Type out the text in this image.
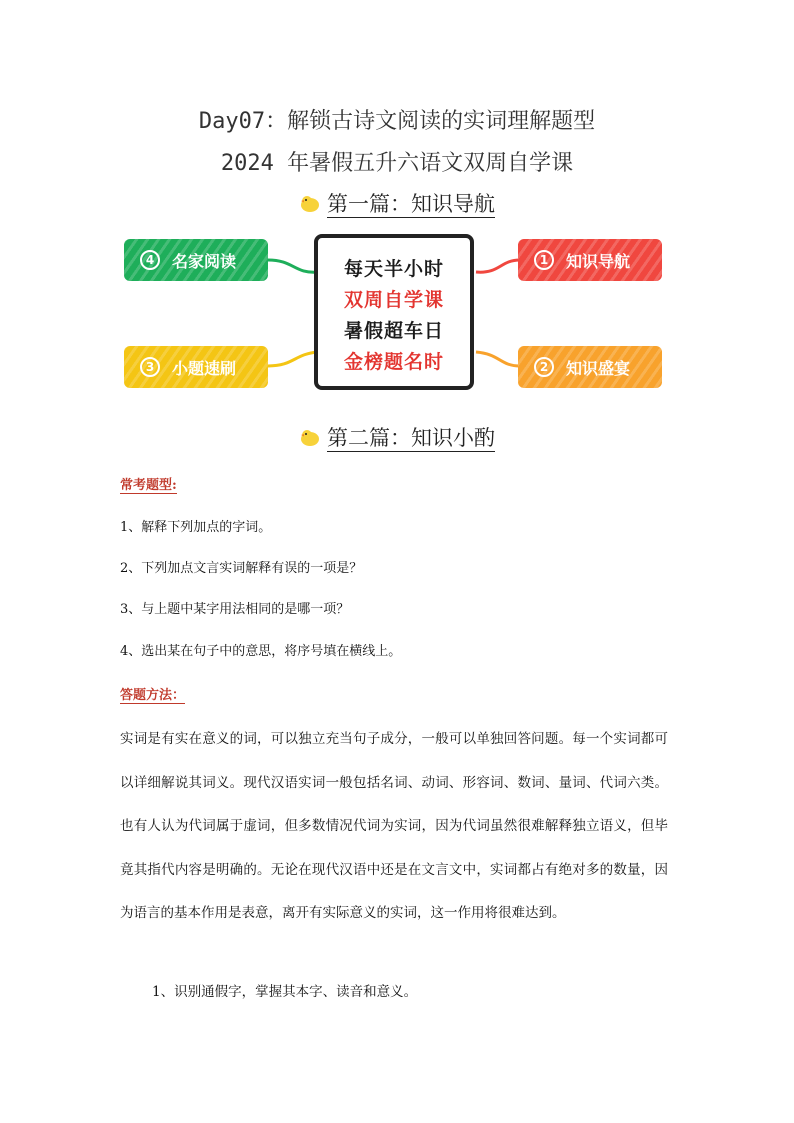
Day07：解锁古诗文阅读的实词理解题型
2024 年暑假五升六语文双周自学课
第一篇：知识导航
4	名家阅读
3	小题速刷
每天半小时
双周自学课
暑假超车日
金榜题名时
1	知识导航
2	知识盛宴
第二篇：知识小酌
常考题型:
1、解释下列加点的字词。
2、下列加点文言实词解释有误的一项是？
3、与上题中某字用法相同的是哪一项？
4、选出某在句子中的意思，将序号填在横线上。
答题方法：

实词是有实在意义的词，可以独立充当句子成分，一般可以单独回答问题。每一个实词都可以详细解说其词义。现代汉语实词一般包括名词、动词、形容词、数词、量词、代词六类。也有人认为代词属于虚词，但多数情况代词为实词，因为代词虽然很难解释独立语义，但毕竟其指代内容是明确的。无论在现代汉语中还是在文言文中，实词都占有绝对多的数量，因为语言的基本作用是表意，离开有实际意义的实词，这一作用将很难达到。

1、识别通假字，掌握其本字、读音和意义。
